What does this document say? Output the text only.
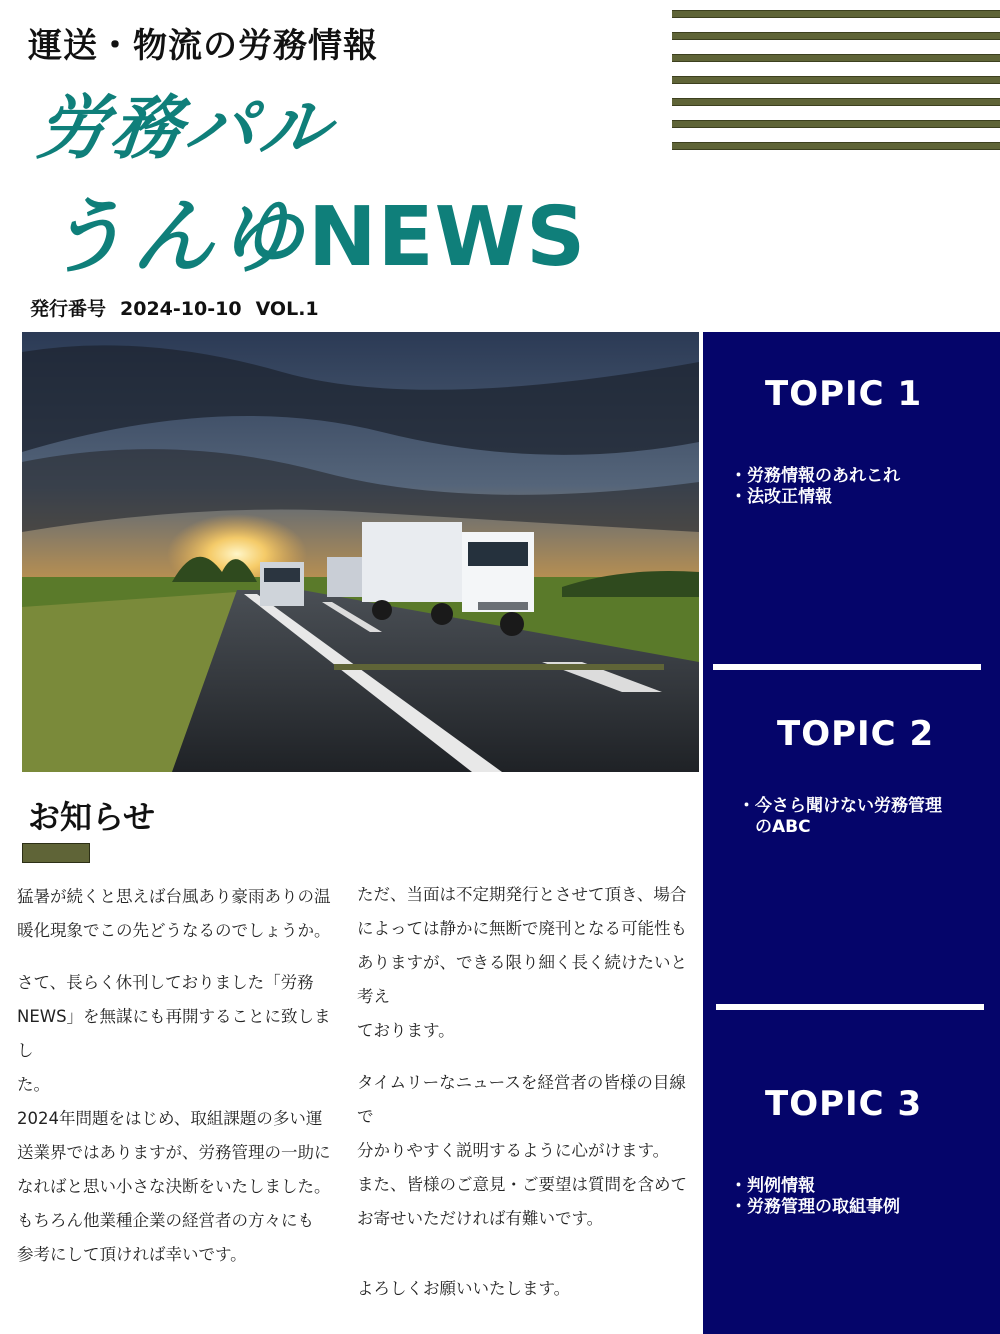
運送・物流の労務情報
労務パル
うんゆNEWS
発行番号 2024-10-10 VOL.1
TOPIC 1
・労務情報のあれこれ
・法改正情報
TOPIC 2
・今さら聞けない労務管理
　のABC
TOPIC 3
・判例情報
・労務管理の取組事例
お知らせ

猛暑が続くと思えば台風あり豪雨ありの温

暖化現象でこの先どうなるのでしょうか。

さて、長らく休刊しておりました「労務

NEWS」を無謀にも再開することに致しまし

た。

2024年問題をはじめ、取組課題の多い運

送業界ではありますが、労務管理の一助に

なればと思い小さな決断をいたしました。

もちろん他業種企業の経営者の方々にも

参考にして頂ければ幸いです。

ただ、当面は不定期発行とさせて頂き、場合

によっては静かに無断で廃刊となる可能性も

ありますが、できる限り細く長く続けたいと考え

ております。

タイムリーなニュースを経営者の皆様の目線で

分かりやすく説明するように心がけます。

また、皆様のご意見・ご要望は質問を含めて

お寄せいただければ有難いです。

よろしくお願いいたします。
